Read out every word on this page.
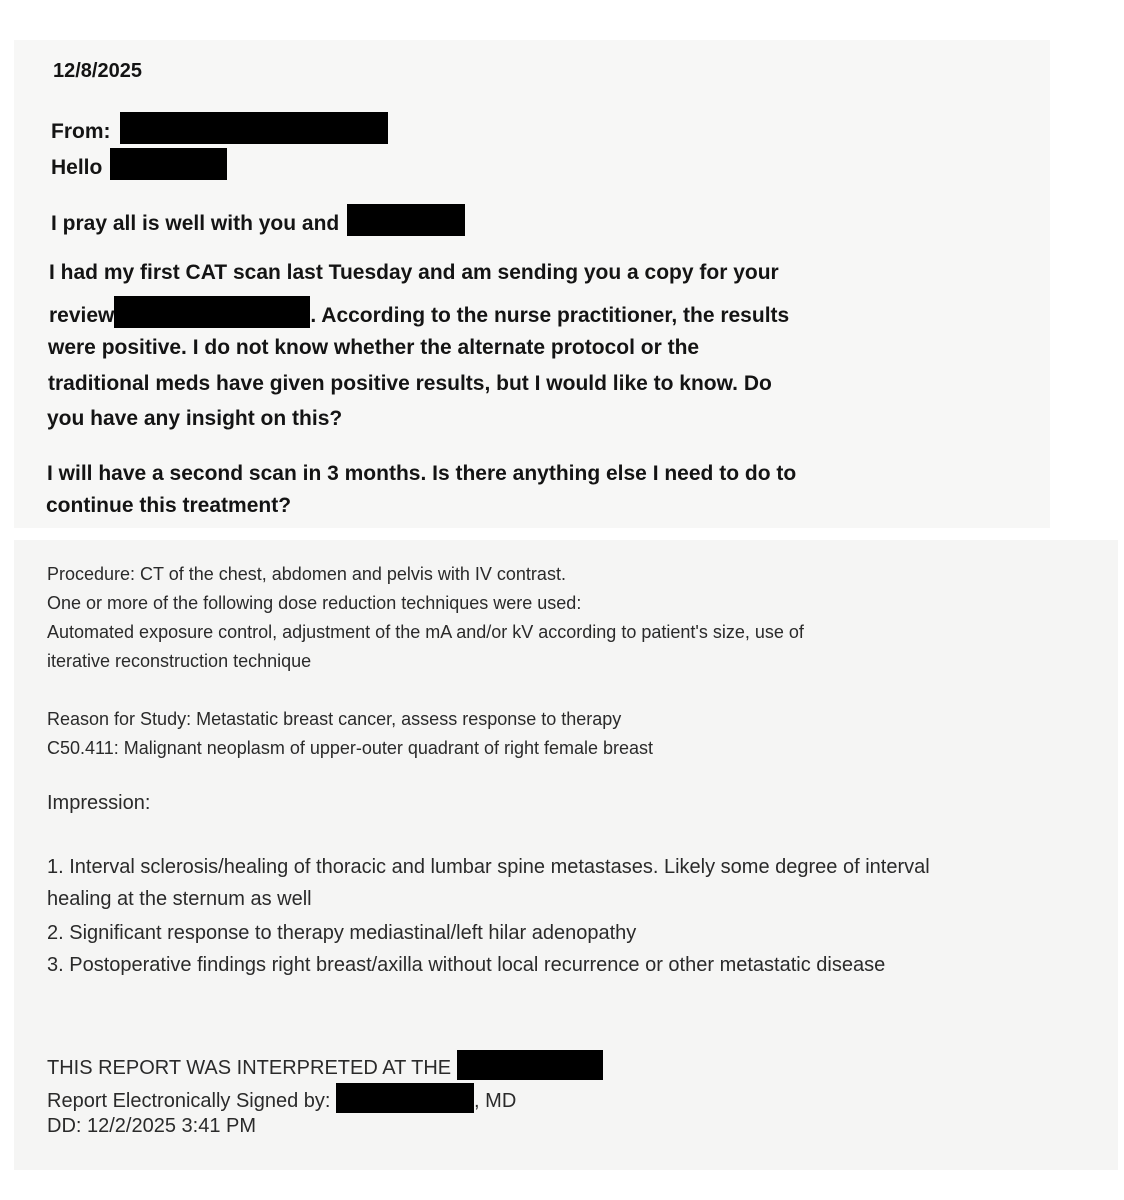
12/8/2025
From:
Hello
I pray all is well with you and
I had my first CAT scan last Tuesday and am sending you a copy for your
review	. According to the nurse practitioner, the results
were positive. I do not know whether the alternate protocol or the
traditional meds have given positive results, but I would like to know. Do
you have any insight on this?
I will have a second scan in 3 months. Is there anything else I need to do to
continue this treatment?
Procedure: CT of the chest, abdomen and pelvis with IV contrast.
One or more of the following dose reduction techniques were used:
Automated exposure control, adjustment of the mA and/or kV according to patient's size, use of
iterative reconstruction technique
Reason for Study: Metastatic breast cancer, assess response to therapy
C50.411: Malignant neoplasm of upper-outer quadrant of right female breast
Impression:
1. Interval sclerosis/healing of thoracic and lumbar spine metastases. Likely some degree of interval
healing at the sternum as well
2. Significant response to therapy mediastinal/left hilar adenopathy
3. Postoperative findings right breast/axilla without local recurrence or other metastatic disease
THIS REPORT WAS INTERPRETED AT THE
Report Electronically Signed by:	, MD
DD: 12/2/2025 3:41 PM
